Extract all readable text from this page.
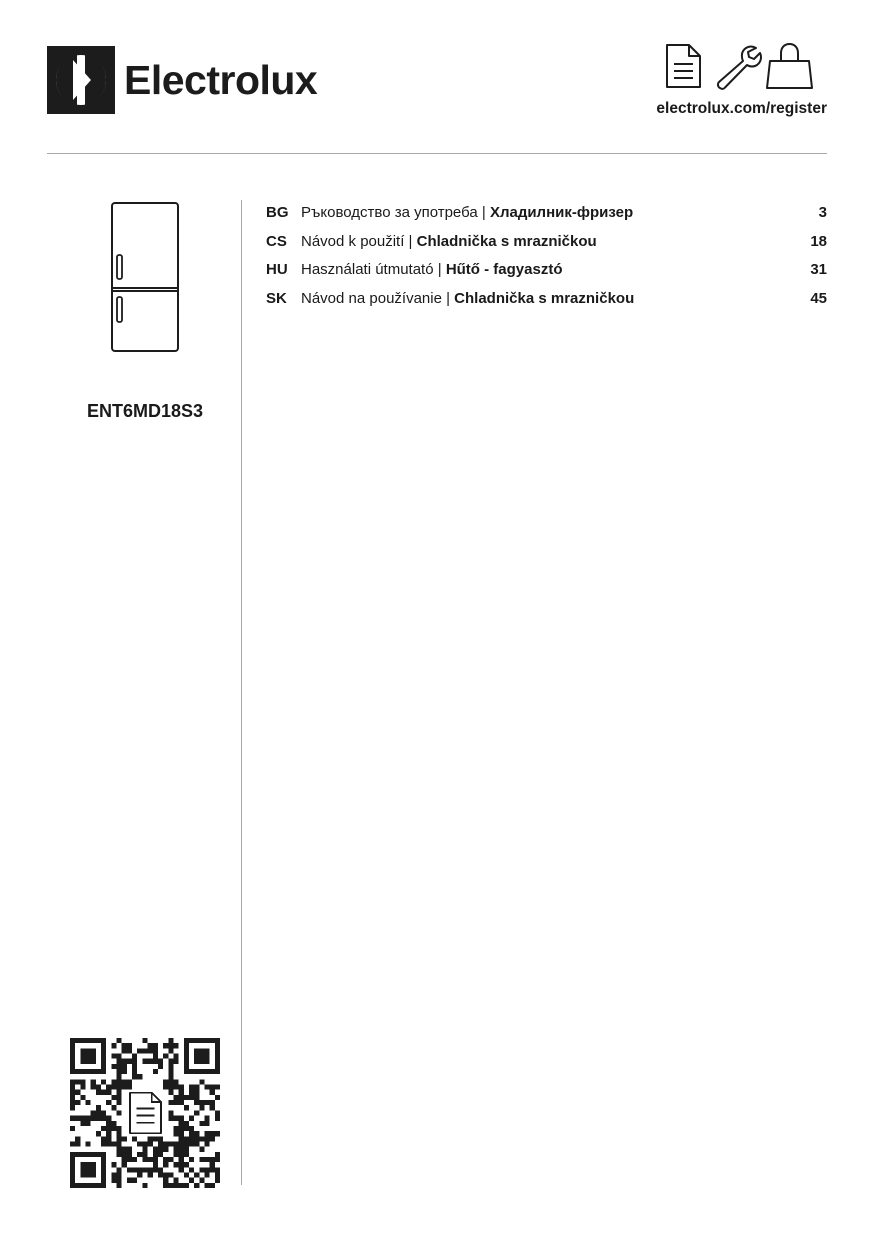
Electrolux
electrolux.com/register
ENT6MD18S3
BG Ръководство за употреба | Хладилник-фризер	3
CS Návod k použití | Chladnička s mrazničkou	18
HU Használati útmutató | Hűtő - fagyasztó	31
SK Návod na používanie | Chladnička s mrazničkou	45
